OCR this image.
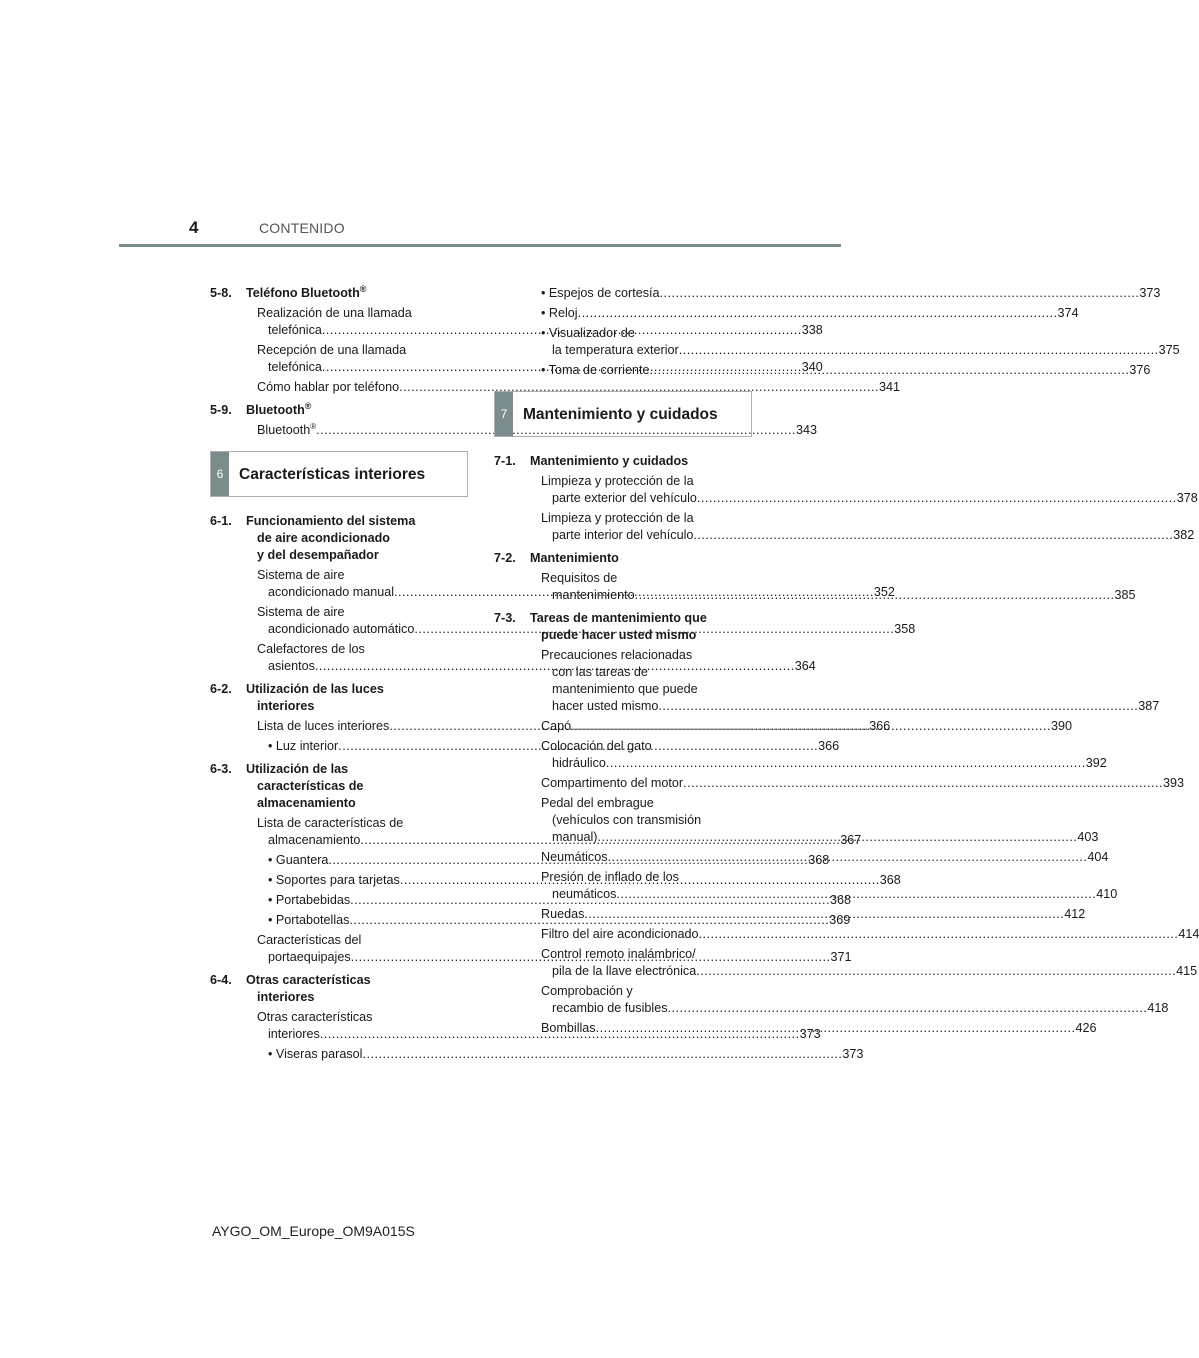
4	CONTENIDO
5-8.	Teléfono Bluetooth®
Realización de una llamada
telefónica .....	338
Recepción de una llamada
telefónica .....	340
Cómo hablar por teléfono .....	341
5-9.	Bluetooth®
Bluetooth® .....	343
6	Características interiores
6-1.	Funcionamiento del sistema
de aire acondicionado
y del desempañador
Sistema de aire
acondicionado manual .....	352
Sistema de aire
acondicionado automático .....	358
Calefactores de los
asientos .....	364
6-2.	Utilización de las luces
interiores
Lista de luces interiores .....	366
• Luz interior .....	366
6-3.	Utilización de las
características de
almacenamiento
Lista de características de
almacenamiento .....	367
• Guantera .....	368
• Soportes para tarjetas .....	368
• Portabebidas .....	368
• Portabotellas .....	369
Características del
portaequipajes .....	371
6-4.	Otras características
interiores
Otras características
interiores .....	373
• Viseras parasol .....	373
• Espejos de cortesía .....	373
• Reloj .....	374
• Visualizador de
la temperatura exterior .....	375
• Toma de corriente .....	376
7	Mantenimiento y cuidados
7-1.	Mantenimiento y cuidados
Limpieza y protección de la
parte exterior del vehículo .....	378
Limpieza y protección de la
parte interior del vehículo .....	382
7-2.	Mantenimiento
Requisitos de
mantenimiento .....	385
7-3.	Tareas de mantenimiento que
puede hacer usted mismo
Precauciones relacionadas
con las tareas de
mantenimiento que puede
hacer usted mismo .....	387
Capó .....	390
Colocación del gato
hidráulico .....	392
Compartimento del motor .....	393
Pedal del embrague
(vehículos con transmisión
manual) .....	403
Neumáticos .....	404
Presión de inflado de los
neumáticos .....	410
Ruedas .....	412
Filtro del aire acondicionado .....	414
Control remoto inalámbrico/
pila de la llave electrónica .....	415
Comprobación y
recambio de fusibles .....	418
Bombillas .....	426
AYGO_OM_Europe_OM9A015S
